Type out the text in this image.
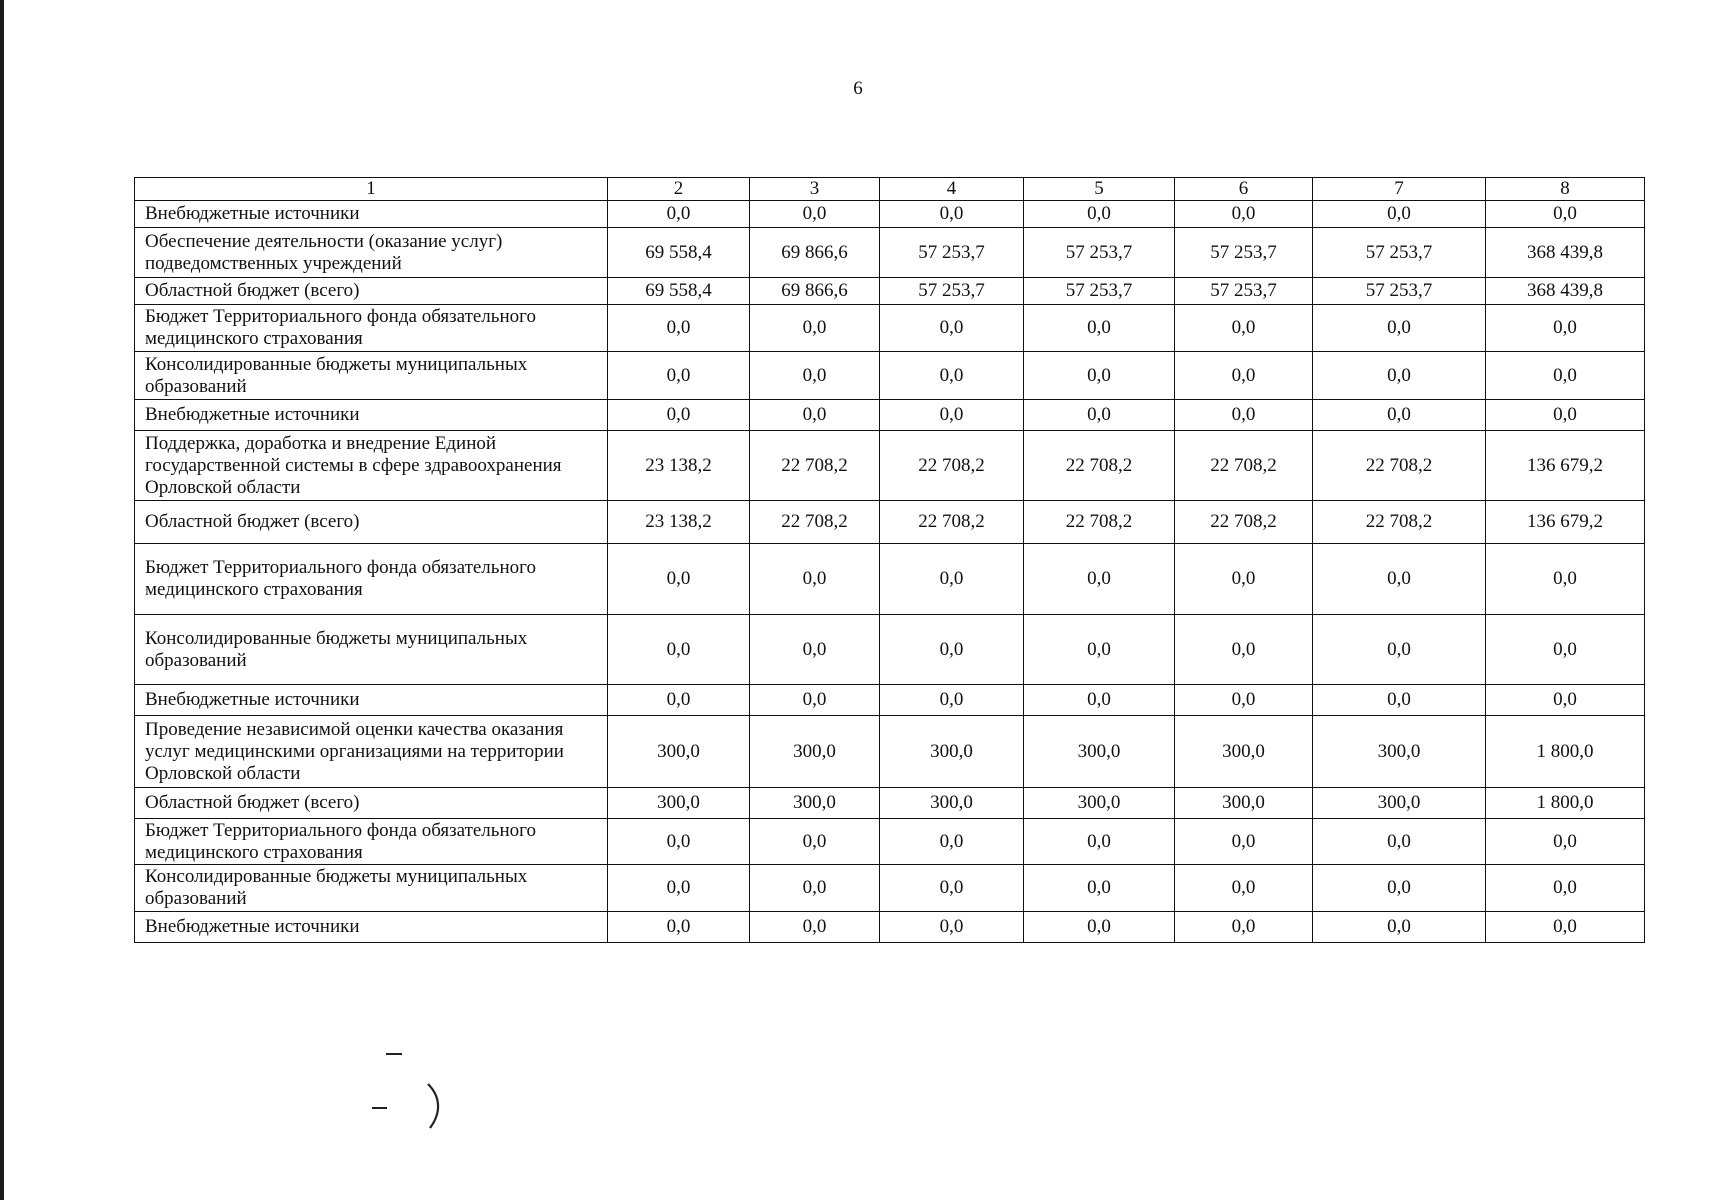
6
1	2	3	4	5	6	7	8
Внебюджетные источники	0,0	0,0	0,0	0,0	0,0	0,0	0,0
Обеспечение деятельности (оказание услуг) подведомственных учреждений	69 558,4	69 866,6	57 253,7	57 253,7	57 253,7	57 253,7	368 439,8
Областной бюджет (всего)	69 558,4	69 866,6	57 253,7	57 253,7	57 253,7	57 253,7	368 439,8
Бюджет Территориального фонда обязательного медицинского страхования	0,0	0,0	0,0	0,0	0,0	0,0	0,0
Консолидированные бюджеты муниципальных образований	0,0	0,0	0,0	0,0	0,0	0,0	0,0
Внебюджетные источники	0,0	0,0	0,0	0,0	0,0	0,0	0,0
Поддержка, доработка и внедрение Единой государственной системы в сфере здравоохранения Орловской области	23 138,2	22 708,2	22 708,2	22 708,2	22 708,2	22 708,2	136 679,2
Областной бюджет (всего)	23 138,2	22 708,2	22 708,2	22 708,2	22 708,2	22 708,2	136 679,2
Бюджет Территориального фонда обязательного медицинского страхования	0,0	0,0	0,0	0,0	0,0	0,0	0,0
Консолидированные бюджеты муниципальных образований	0,0	0,0	0,0	0,0	0,0	0,0	0,0
Внебюджетные источники	0,0	0,0	0,0	0,0	0,0	0,0	0,0
Проведение независимой оценки качества оказания услуг медицинскими организациями на территории Орловской области	300,0	300,0	300,0	300,0	300,0	300,0	1 800,0
Областной бюджет (всего)	300,0	300,0	300,0	300,0	300,0	300,0	1 800,0
Бюджет Территориального фонда обязательного медицинского страхования	0,0	0,0	0,0	0,0	0,0	0,0	0,0
Консолидированные бюджеты муниципальных образований	0,0	0,0	0,0	0,0	0,0	0,0	0,0
Внебюджетные источники	0,0	0,0	0,0	0,0	0,0	0,0	0,0
